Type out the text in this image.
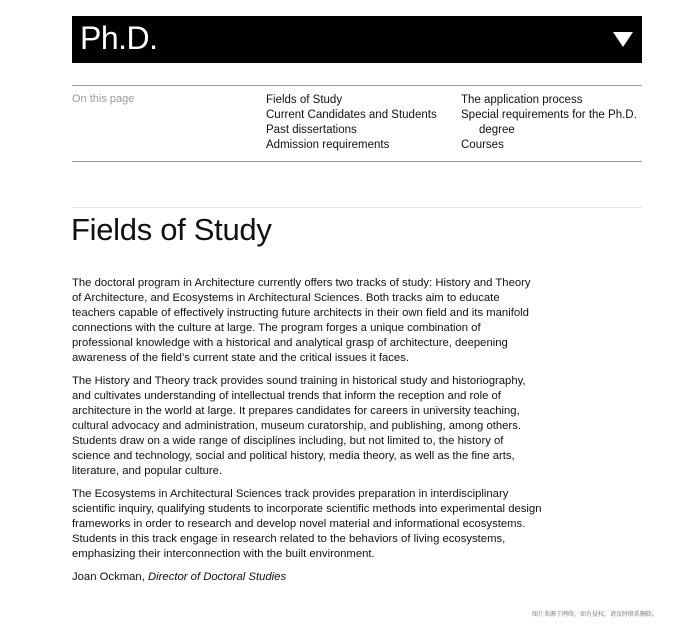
Ph.D.
On this page	Fields of Study
Current Candidates and Students
Past dissertations
Admission requirements
The application process
Special requirements for the Ph.D. degree
Courses
Fields of Study

The doctoral program in Architecture currently offers two tracks of study: History and Theory of Architecture, and Ecosystems in Architectural Sciences. Both tracks aim to educate teachers capable of effectively instructing future architects in their own field and its manifold connections with the culture at large. The program forges a unique combination of professional knowledge with a historical and analytical grasp of architecture, deepening awareness of the field’s current state and the critical issues it faces.

The History and Theory track provides sound training in historical study and historiography, and cultivates understanding of intellectual trends that inform the reception and role of architecture in the world at large. It prepares candidates for careers in university teaching, cultural advocacy and administration, museum curatorship, and publishing, among others. Students draw on a wide range of disciplines including, but not limited to, the history of science and technology, social and political history, media theory, as well as the fine arts, literature, and popular culture.

The Ecosystems in Architectural Sciences track provides preparation in interdisciplinary scientific inquiry, qualifying students to incorporate scientific methods into experimental design frameworks in order to research and develop novel material and informational ecosystems. Students in this track engage in research related to the behaviors of living ecosystems, emphasizing their interconnection with the built environment.

Joan Ockman, Director of Doctoral Studies

图片来源于网络，如有侵权，请及时联系删除。
